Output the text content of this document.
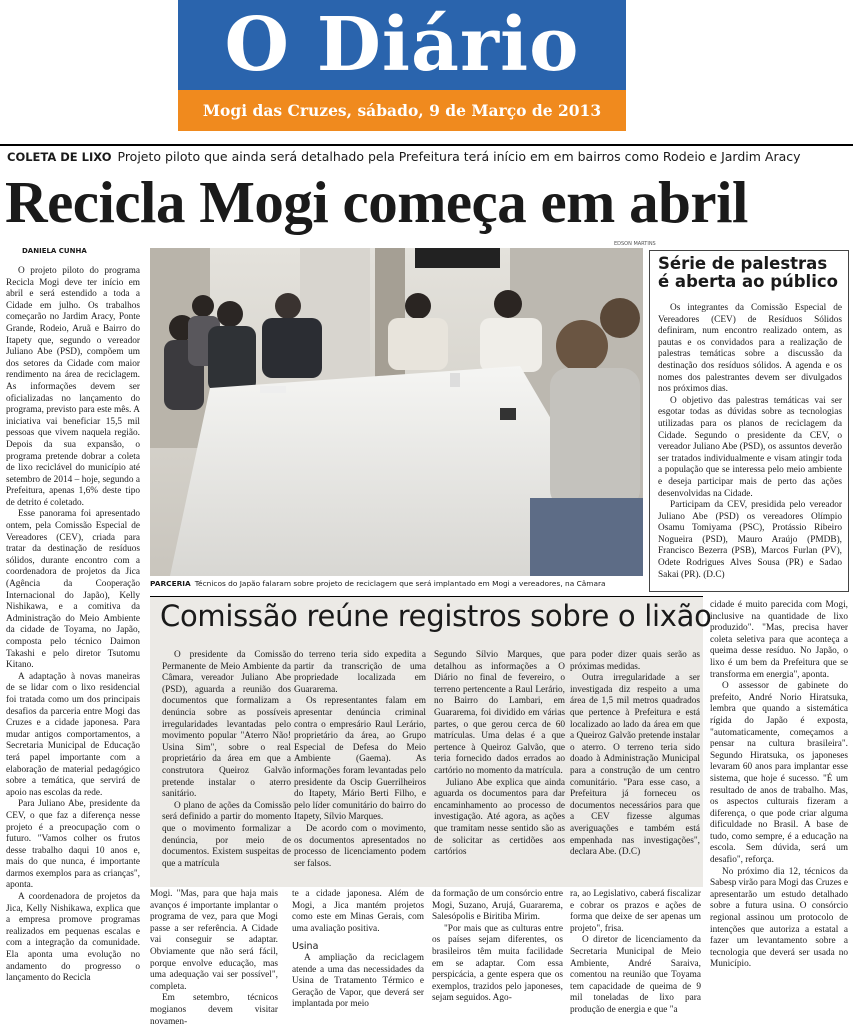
O Diário
Mogi das Cruzes, sábado, 9 de Março de 2013
COLETA DE LIXO Projeto piloto que ainda será detalhado pela Prefeitura terá início em em bairros como Rodeio e Jardim Aracy
Recicla Mogi começa em abril
DANIELA CUNHA
EDSON MARTINS

O projeto piloto do programa Recicla Mogi deve ter início em abril e será estendido a toda a Cidade em julho. Os trabalhos começarão no Jardim Aracy, Ponte Grande, Rodeio, Aruã e Bairro do Itapety que, segundo o vereador Juliano Abe (PSD), compõem um dos setores da Cidade com maior rendimento na área de reciclagem. As informações devem ser oficializadas no lançamento do programa, previsto para este mês. A iniciativa vai beneficiar 15,5 mil pessoas que vivem naquela região. Depois da sua expansão, o programa pretende dobrar a coleta de lixo reciclável do município até setembro de 2014 – hoje, segundo a Prefeitura, apenas 1,6% deste tipo de detrito é coletado.

Esse panorama foi apresentado ontem, pela Comissão Especial de Vereadores (CEV), criada para tratar da destinação de resíduos sólidos, durante encontro com a coordenadora de projetos da Jica (Agência da Cooperação Internacional do Japão), Kelly Nishikawa, e a comitiva da Administração do Meio Ambiente da cidade de Toyama, no Japão, composta pelo técnico Daimon Takashi e pelo diretor Tsutomu Kitano.

A adaptação à novas maneiras de se lidar com o lixo residencial foi tratada como um dos principais desafios da parceria entre Mogi das Cruzes e a cidade japonesa. Para mudar antigos comportamentos, a Secretaria Municipal de Educação terá papel importante com a elaboração de material pedagógico sobre a temática, que servirá de apoio nas escolas da rede.

Para Juliano Abe, presidente da CEV, o que faz a diferença nesse projeto é a preocupação com o futuro. "Vamos colher os frutos desse trabalho daqui 10 anos e, mais do que nunca, é importante darmos exemplos para as crianças", aponta.

A coordenadora de projetos da Jica, Kelly Nishikawa, explica que a empresa promove programas realizados em pequenas escalas e com a integração da comunidade. Ela aponta uma evolução no andamento do progresso o lançamento do Recicla

PARCERIA Técnicos do Japão falaram sobre projeto de reciclagem que será implantado em Mogi a vereadores, na Câmara
Série de palestras é aberta ao público

Os integrantes da Comissão Especial de Vereadores (CEV) de Resíduos Sólidos definiram, num encontro realizado ontem, as pautas e os convidados para a realização de palestras temáticas sobre a discussão da destinação dos resíduos sólidos. A agenda e os nomes dos palestrantes devem ser divulgados nos próximos dias.

O objetivo das palestras temáticas vai ser esgotar todas as dúvidas sobre as tecnologias utilizadas para os planos de reciclagem da Cidade. Segundo o presidente da CEV, o vereador Juliano Abe (PSD), os assuntos deverão ser tratados individualmente e visam atingir toda a população que se interessa pelo meio ambiente e deseja participar mais de perto das ações desenvolvidas na Cidade.

Participam da CEV, presidida pelo vereador Juliano Abe (PSD) os vereadores Olímpio Osamu Tomiyama (PSC), Protássio Ribeiro Nogueira (PSD), Mauro Araújo (PMDB), Francisco Bezerra (PSB), Marcos Furlan (PV), Odete Rodrigues Alves Sousa (PR) e Sadao Sakai (PR). (D.C)

Comissão reúne registros sobre o lixão

O presidente da Comissão Permanente de Meio Ambiente da Câmara, vereador Juliano Abe (PSD), aguarda a reunião dos documentos que formalizam a denúncia sobre as possíveis irregularidades levantadas pelo movimento popular "Aterro Não! Usina Sim", sobre o real proprietário da área em que a construtora Queiroz Galvão pretende instalar o aterro sanitário.

O plano de ações da Comissão será definido a partir do momento que o movimento formalizar a denúncia, por meio de documentos. Existem suspeitas de que a matrícula

do terreno teria sido expedita a partir da transcrição de uma propriedade localizada em Guararema.

Os representantes falam em apresentar denúncia criminal contra o empresário Raul Lerário, proprietário da área, ao Grupo Especial de Defesa do Meio Ambiente (Gaema). As informações foram levantadas pelo presidente da Oscip Guerrilheiros do Itapety, Mário Berti Filho, e pelo líder comunitário do bairro do Itapety, Sílvio Marques.

De acordo com o movimento, os documentos apresentados no processo de licenciamento podem ser falsos.

Segundo Sílvio Marques, que detalhou as informações a O Diário no final de fevereiro, o terreno pertencente a Raul Lerário, no Bairro do Lambari, em Guararema, foi dividido em várias partes, o que gerou cerca de 60 matrículas. Uma delas é a que pertence à Queiroz Galvão, que teria fornecido dados errados ao cartório no momento da matrícula.

Juliano Abe explica que ainda aguarda os documentos para dar encaminhamento ao processo de investigação. Até agora, as ações que tramitam nesse sentido são as de solicitar as certidões aos cartórios

para poder dizer quais serão as próximas medidas.

Outra irregularidade a ser investigada diz respeito a uma área de 1,5 mil metros quadrados que pertence à Prefeitura e está localizado ao lado da área em que a Queiroz Galvão pretende instalar o aterro. O terreno teria sido doado à Administração Municipal para a construção de um centro comunitário. "Para esse caso, a Prefeitura já forneceu os documentos necessários para que a CEV fizesse algumas averiguações e também está empenhada nas investigações", declara Abe. (D.C)

cidade é muito parecida com Mogi, inclusive na quantidade de lixo produzido". "Mas, precisa haver coleta seletiva para que aconteça a queima desse resíduo. No Japão, o lixo é um bem da Prefeitura que se transforma em energia", aponta.

O assessor de gabinete do prefeito, André Norio Hiratsuka, lembra que quando a sistemática rígida do Japão é exposta, "automaticamente, começamos a pensar na cultura brasileira". Segundo Hiratsuka, os japoneses levaram 60 anos para implantar esse sistema, que hoje é sucesso. "É um resultado de anos de trabalho. Mas, os aspectos culturais fizeram a diferença, o que pode criar alguma dificuldade no Brasil. A base de tudo, como sempre, é a educação na escola. Sem dúvida, será um desafio", reforça.

No próximo dia 12, técnicos da Sabesp virão para Mogi das Cruzes e apresentarão um estudo detalhado sobre a futura usina. O consórcio regional assinou um protocolo de intenções que autoriza a estatal a fazer um levantamento sobre a tecnologia que deverá ser usada no Município.

Mogi. "Mas, para que haja mais avanços é importante implantar o programa de vez, para que Mogi passe a ser referência. A Cidade vai conseguir se adaptar. Obviamente que não será fácil, porque envolve educação, mas uma adequação vai ser possível", completa.

Em setembro, técnicos mogianos devem visitar novamen-

te a cidade japonesa. Além de Mogi, a Jica mantém projetos como este em Minas Gerais, com uma avaliação positiva.

Usina

A ampliação da reciclagem atende a uma das necessidades da Usina de Tratamento Térmico e Geração de Vapor, que deverá ser implantada por meio

da formação de um consórcio entre Mogi, Suzano, Arujá, Guararema, Salesópolis e Biritiba Mirim.

"Por mais que as culturas entre os países sejam diferentes, os brasileiros têm muita facilidade em se adaptar. Com essa perspicácia, a gente espera que os exemplos, trazidos pelo japoneses, sejam seguidos. Ago-

ra, ao Legislativo, caberá fiscalizar e cobrar os prazos e ações de forma que deixe de ser apenas um projeto", frisa.

O diretor de licenciamento da Secretaria Municipal de Meio Ambiente, André Saraiva, comentou na reunião que Toyama tem capacidade de queima de 9 mil toneladas de lixo para produção de energia e que "a
